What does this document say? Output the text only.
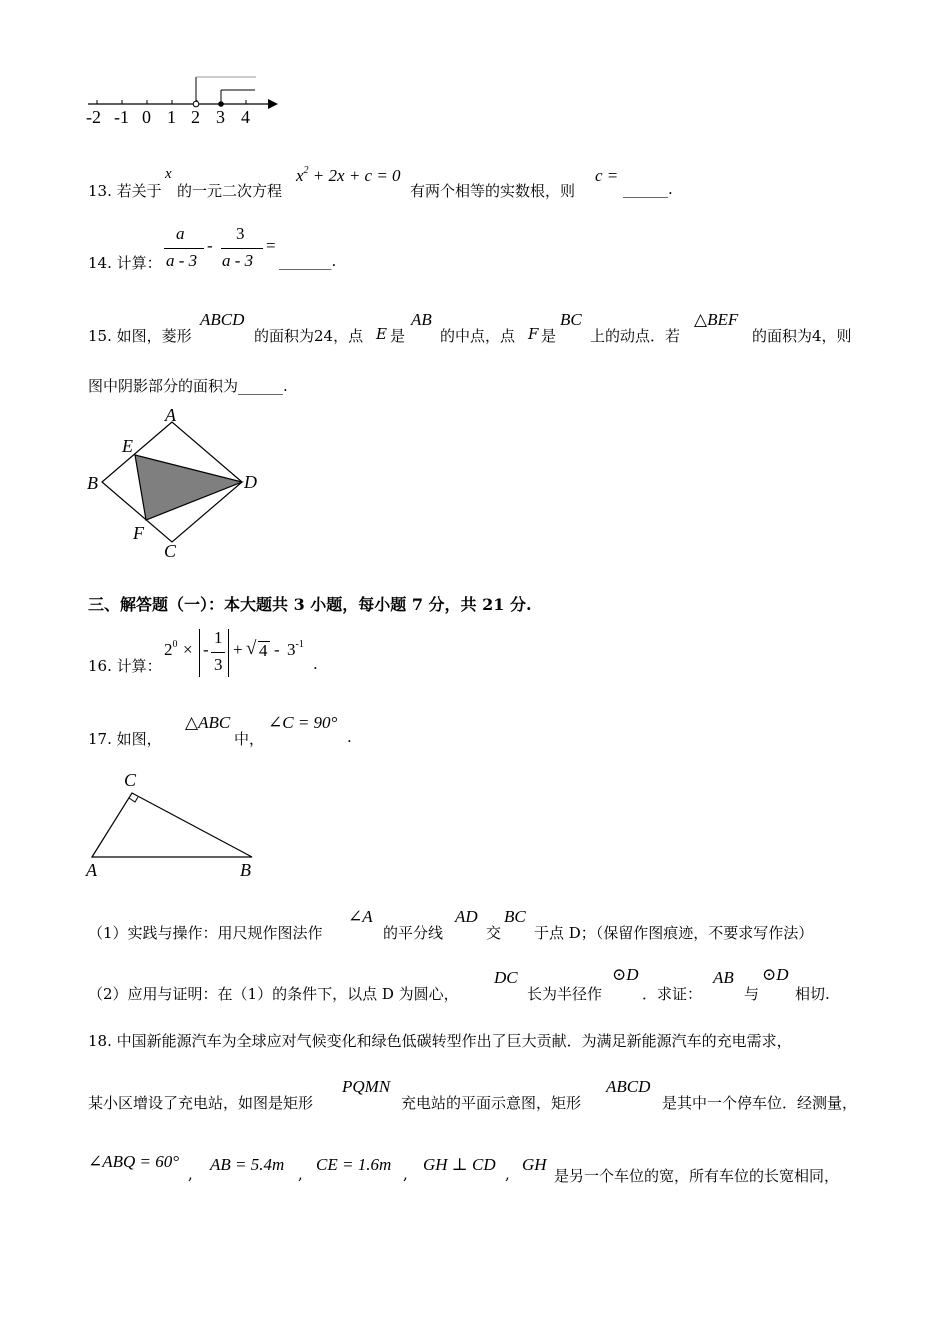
-2 -1 0 1 2 3 4
13. 若关于
x
的一元二次方程
$x^2 + 2x + c = 0$
有两个相等的实数根，则
c =
______.
14. 计算：
a
a - 3
-
3
a - 3
=
_______.
15. 如图，菱形
ABCD
的面积为24，点 E 是
AB
的中点，点 F 是
BC
上的动点．若
△BEF
的面积为4，则
图中阴影部分的面积为______.
A
B
C
D
E
F
三、解答题（一）：本大题共 3 小题，每小题 7 分，共 21 分.
16. 计算：
$2^0$ × -
1
3
+ √ $4 - 3^{-1}$
.
17. 如图，
△ABC
中，
∠C = 90°
.
C
A	B
（1）实践与操作：用尺规作图法作
∠A
的平分线
AD
交
BC
于点 D；（保留作图痕迹，不要求写作法）
（2）应用与证明：在（1）的条件下，以点 D 为圆心，
DC
长为半径作
⊙D
．求证：
AB
与
⊙D
相切.
18. 中国新能源汽车为全球应对气候变化和绿色低碳转型作出了巨大贡献．为满足新能源汽车的充电需求，
某小区增设了充电站，如图是矩形
PQMN
充电站的平面示意图，矩形
ABCD
是其中一个停车位．经测量，
∠ABQ = 60°
, AB = 5.4m , CE = 1.6m , GH ⊥ CD , GH
是另一个车位的宽，所有车位的长宽相同，
